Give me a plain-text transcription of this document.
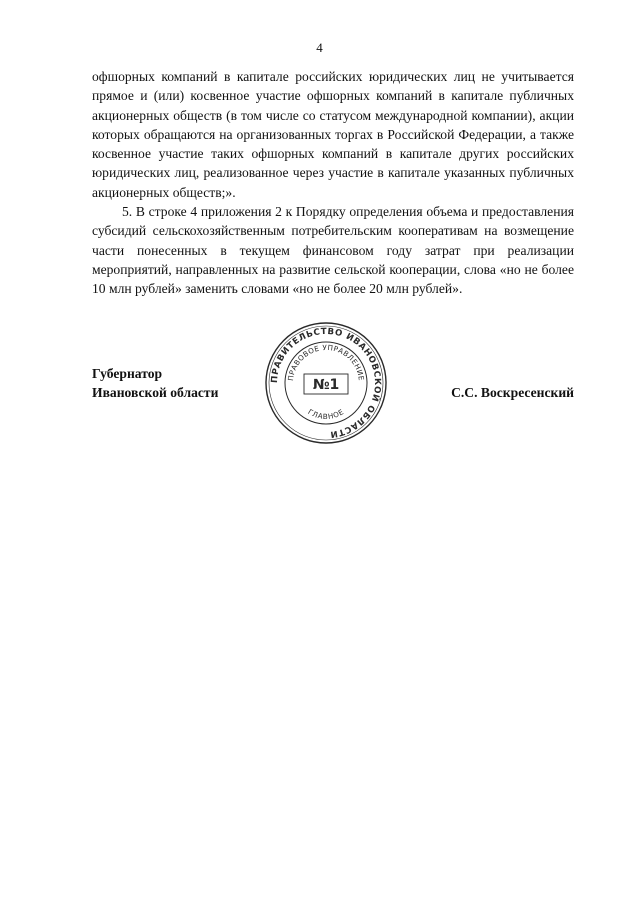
4

офшорных компаний в капитале российских юридических лиц не учитывается прямое и (или) косвенное участие офшорных компаний в капитале публичных акционерных обществ (в том числе со статусом международной компании), акции которых обращаются на организованных торгах в Российской Федерации, а также косвенное участие таких офшорных компаний в капитале других российских юридических лиц, реализованное через участие в капитале указанных публичных акционерных обществ;».

5. В строке 4 приложения 2 к Порядку определения объема и предоставления субсидий сельскохозяйственным потребительским кооперативам на возмещение части понесенных в текущем финансовом году затрат при реализации мероприятий, направленных на развитие сельской кооперации, слова «но не более 10 млн рублей» заменить словами «но не более 20 млн рублей».

Губернатор
Ивановской области
ПРАВИТЕЛЬСТВО ИВАНОВСКОЙ ОБЛАСТИ
ПРАВОВОЕ УПРАВЛЕНИЕ
ГЛАВНОЕ
№1	С.С. Воскресенский
